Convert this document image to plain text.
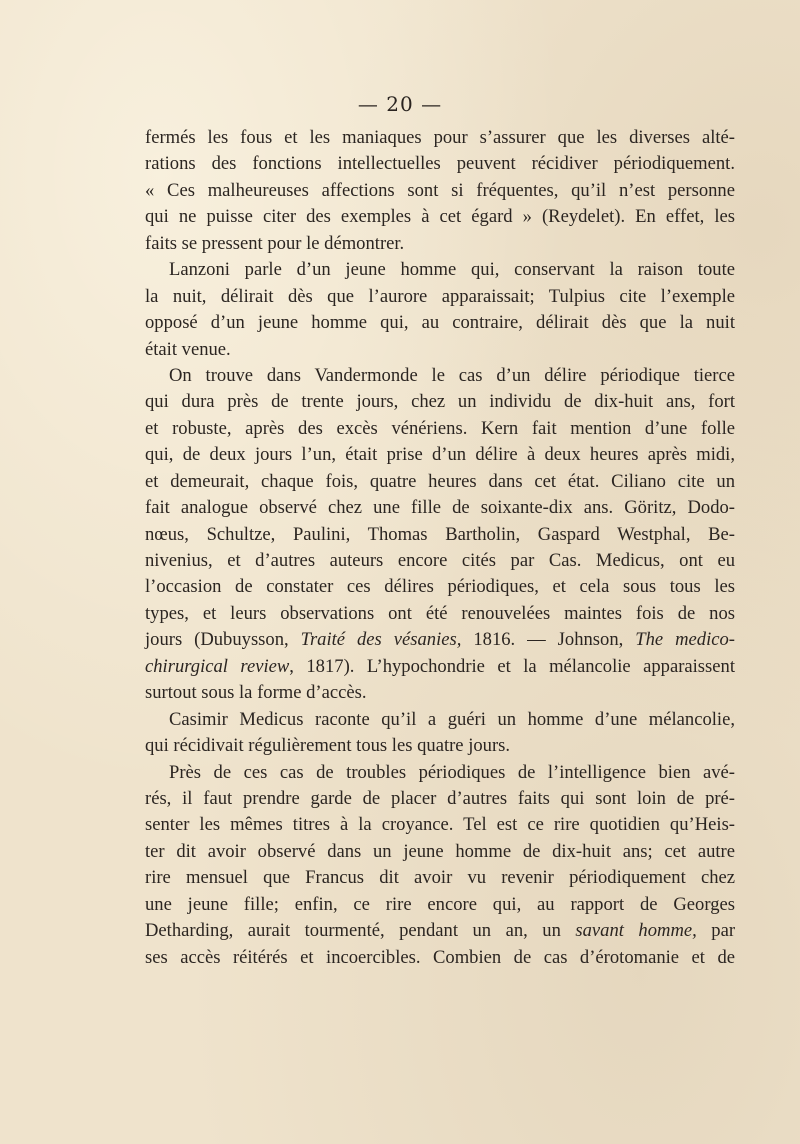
— 20 —
fermés les fous et les maniaques pour s’assurer que les diverses alté-
rations des fonctions intellectuelles peuvent récidiver périodiquement.
« Ces malheureuses affections sont si fréquentes, qu’il n’est personne
qui ne puisse citer des exemples à cet égard » (Reydelet). En effet, les
faits se pressent pour le démontrer.
Lanzoni parle d’un jeune homme qui, conservant la raison toute
la nuit, délirait dès que l’aurore apparaissait; Tulpius cite l’exemple
opposé d’un jeune homme qui, au contraire, délirait dès que la nuit
était venue.
On trouve dans Vandermonde le cas d’un délire périodique tierce
qui dura près de trente jours, chez un individu de dix-huit ans, fort
et robuste, après des excès vénériens. Kern fait mention d’une folle
qui, de deux jours l’un, était prise d’un délire à deux heures après midi,
et demeurait, chaque fois, quatre heures dans cet état. Ciliano cite un
fait analogue observé chez une fille de soixante-dix ans. Göritz, Dodo-
nœus, Schultze, Paulini, Thomas Bartholin, Gaspard Westphal, Be-
nivenius, et d’autres auteurs encore cités par Cas. Medicus, ont eu
l’occasion de constater ces délires périodiques, et cela sous tous les
types, et leurs observations ont été renouvelées maintes fois de nos
jours (Dubuysson, Traité des vésanies, 1816. — Johnson, The medico-
chirurgical review, 1817). L’hypochondrie et la mélancolie apparaissent
surtout sous la forme d’accès.
Casimir Medicus raconte qu’il a guéri un homme d’une mélancolie,
qui récidivait régulièrement tous les quatre jours.
Près de ces cas de troubles périodiques de l’intelligence bien avé-
rés, il faut prendre garde de placer d’autres faits qui sont loin de pré-
senter les mêmes titres à la croyance. Tel est ce rire quotidien qu’Heis-
ter dit avoir observé dans un jeune homme de dix-huit ans; cet autre
rire mensuel que Francus dit avoir vu revenir périodiquement chez
une jeune fille; enfin, ce rire encore qui, au rapport de Georges
Detharding, aurait tourmenté, pendant un an, un savant homme, par
ses accès réitérés et incoercibles. Combien de cas d’érotomanie et de
